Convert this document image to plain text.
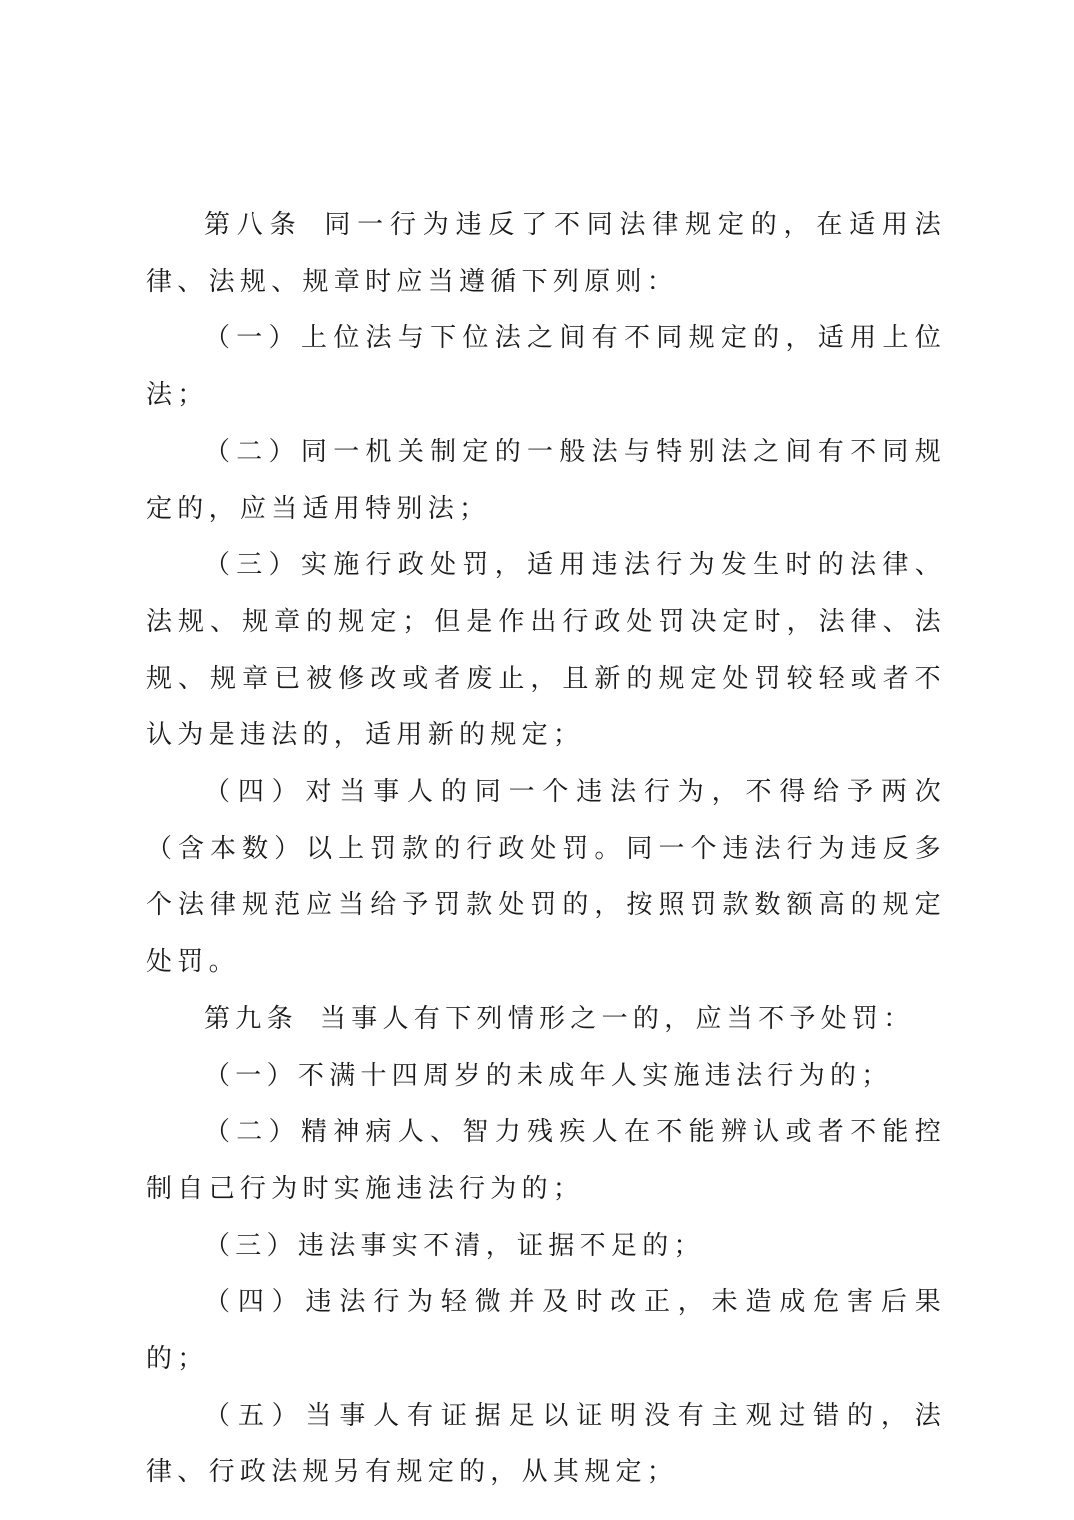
第八条 同一行为违反了不同法律规定的，在适用法律、法规、规章时应当遵循下列原则：

（一）上位法与下位法之间有不同规定的，适用上位法；

（二）同一机关制定的一般法与特别法之间有不同规定的，应当适用特别法；

（三）实施行政处罚，适用违法行为发生时的法律、法规、规章的规定；但是作出行政处罚决定时，法律、法规、规章已被修改或者废止，且新的规定处罚较轻或者不认为是违法的，适用新的规定；

（四）对当事人的同一个违法行为，不得给予两次（含本数）以上罚款的行政处罚。同一个违法行为违反多个法律规范应当给予罚款处罚的，按照罚款数额高的规定处罚。

第九条 当事人有下列情形之一的，应当不予处罚：

（一）不满十四周岁的未成年人实施违法行为的；

（二）精神病人、智力残疾人在不能辨认或者不能控制自己行为时实施违法行为的；

（三）违法事实不清，证据不足的；

（四）违法行为轻微并及时改正，未造成危害后果的；

（五）当事人有证据足以证明没有主观过错的，法律、行政法规另有规定的，从其规定；
